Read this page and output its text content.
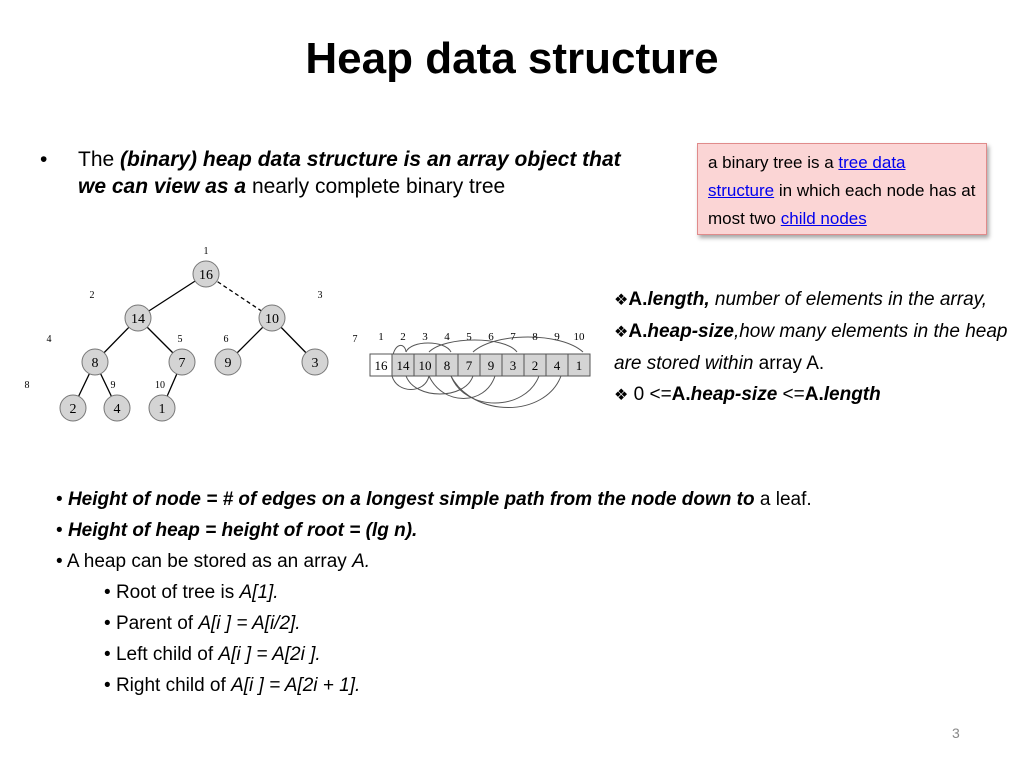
Heap data structure
• The (binary) heap data structure is an array object that we can view as a nearly complete binary tree
a binary tree is a tree data structure in which each node has at most two child nodes
16
1
14
2
10
3
8
4
7
5
9
6
3
7
2
8
4
9
1
10
16
1
14
2
10
3
8
4
7
5
9
6
3
7
2
8
4
9
1
10
❖A.length, number of elements in the array,
❖A.heap-size,how many elements in the heap are stored within array A.
❖ 0 <=A.heap-size <=A.length
• Height of node = # of edges on a longest simple path from the node down to a leaf.
• Height of heap = height of root = (lg n).
• A heap can be stored as an array A.
• Root of tree is A[1].
• Parent of A[i ] = A[i/2].
• Left child of A[i ] = A[2i ].
• Right child of A[i ] = A[2i + 1].
3
